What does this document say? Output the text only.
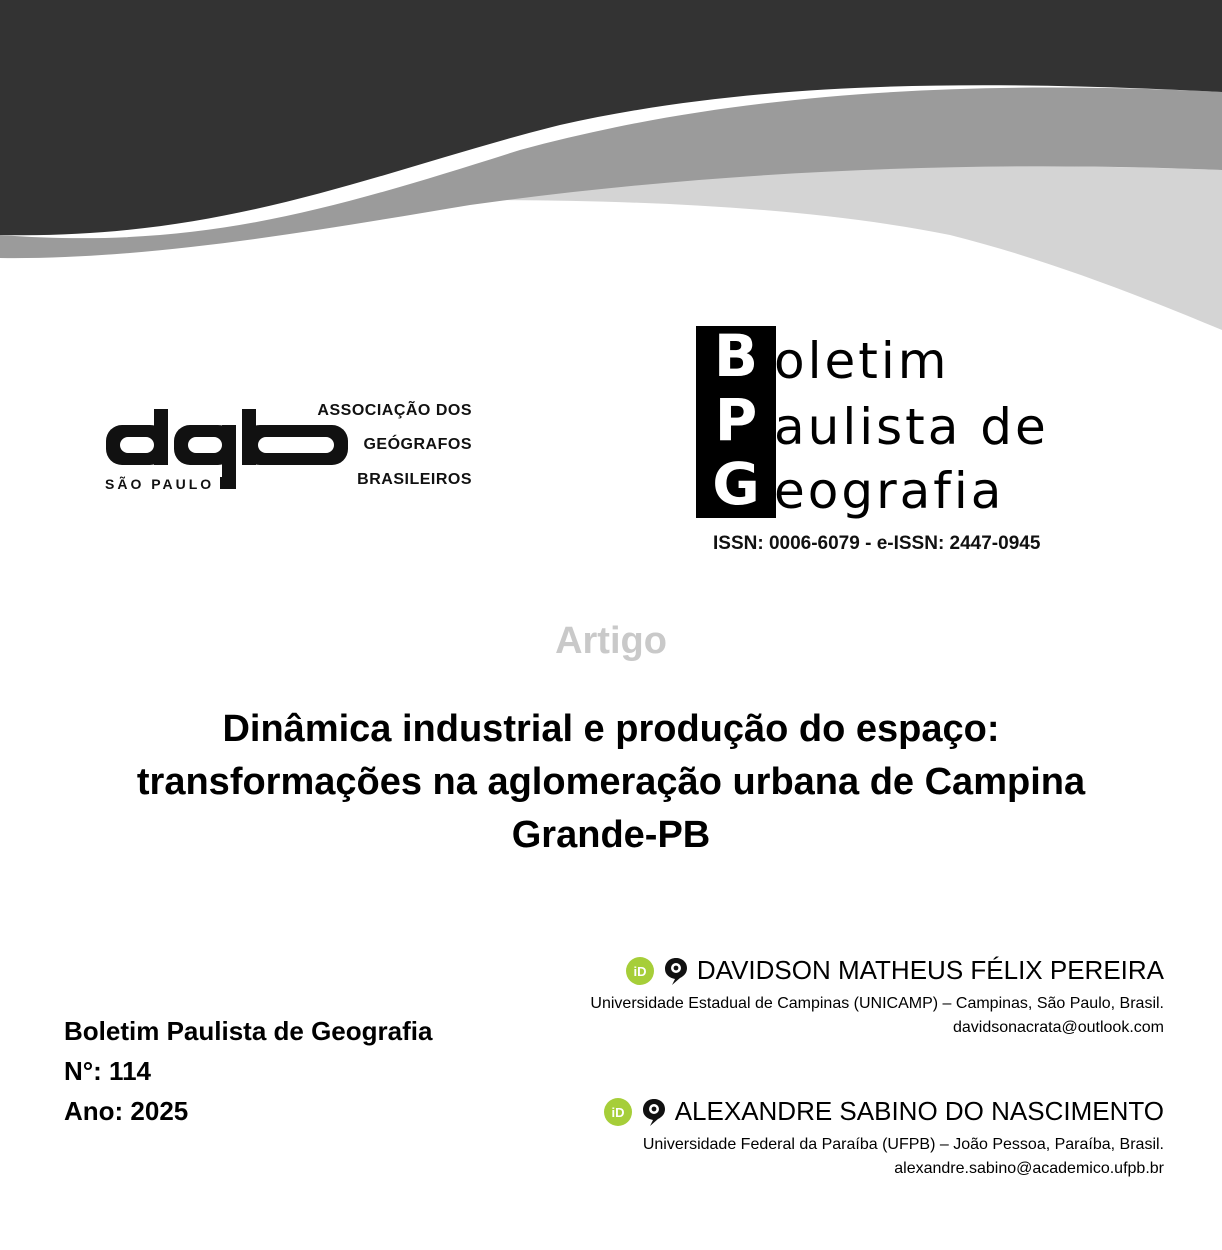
ASSOCIAÇÃO DOS
GEÓGRAFOS
BRASILEIROS
SÃO PAULO
B
P
G
oletim
aulista de
eografia
ISSN: 0006-6079 - e-ISSN: 2447-0945
Artigo
Dinâmica industrial e produção do espaço:
transformações na aglomeração urbana de Campina
Grande-PB
Boletim Paulista de Geografia
N°: 114
Ano: 2025
iD DAVIDSON MATHEUS FÉLIX PEREIRA
Universidade Estadual de Campinas (UNICAMP) – Campinas, São Paulo, Brasil.
davidsonacrata@outlook.com
iD ALEXANDRE SABINO DO NASCIMENTO
Universidade Federal da Paraíba (UFPB) – João Pessoa, Paraíba, Brasil.
alexandre.sabino@academico.ufpb.br
